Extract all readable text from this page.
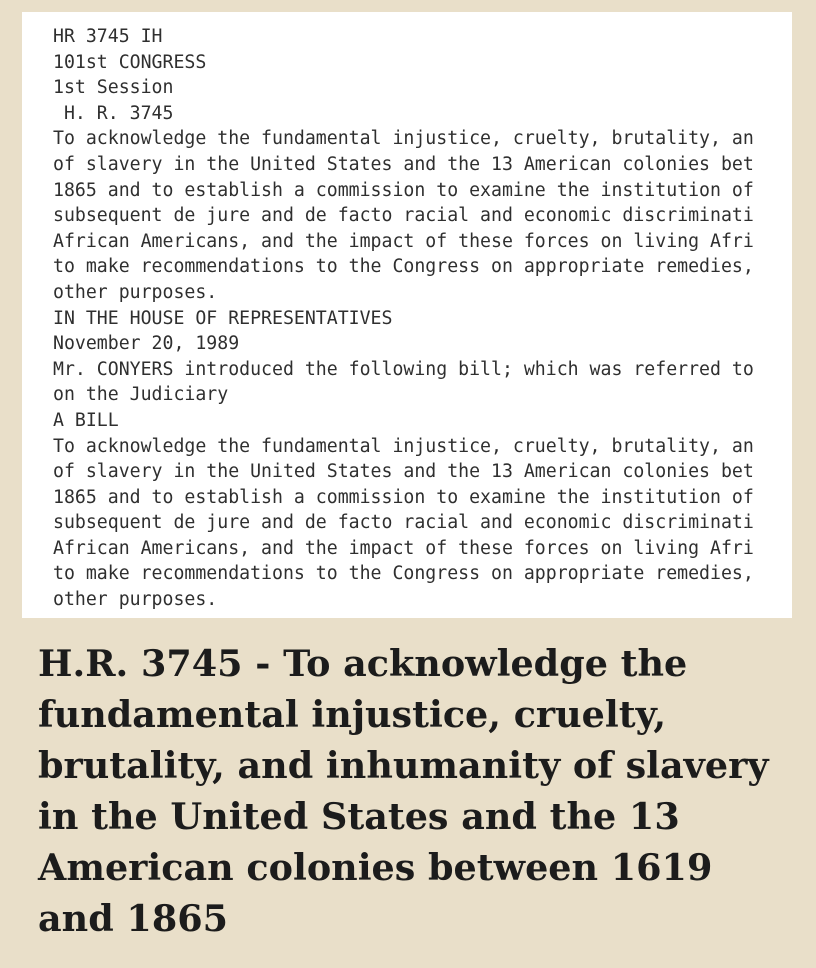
HR 3745 IH
101st CONGRESS
1st Session
H. R. 3745
To acknowledge the fundamental injustice, cruelty, brutality, an
of slavery in the United States and the 13 American colonies bet
1865 and to establish a commission to examine the institution of
subsequent de jure and de facto racial and economic discriminati
African Americans, and the impact of these forces on living Afri
to make recommendations to the Congress on appropriate remedies,
other purposes.
IN THE HOUSE OF REPRESENTATIVES
November 20, 1989
Mr. CONYERS introduced the following bill; which was referred to
on the Judiciary
A BILL
To acknowledge the fundamental injustice, cruelty, brutality, an
of slavery in the United States and the 13 American colonies bet
1865 and to establish a commission to examine the institution of
subsequent de jure and de facto racial and economic discriminati
African Americans, and the impact of these forces on living Afri
to make recommendations to the Congress on appropriate remedies,
other purposes.
H.R. 3745 - To acknowledge the fundamental injustice, cruelty, brutality, and inhumanity of slavery in the United States and the 13 American colonies between 1619 and 1865
